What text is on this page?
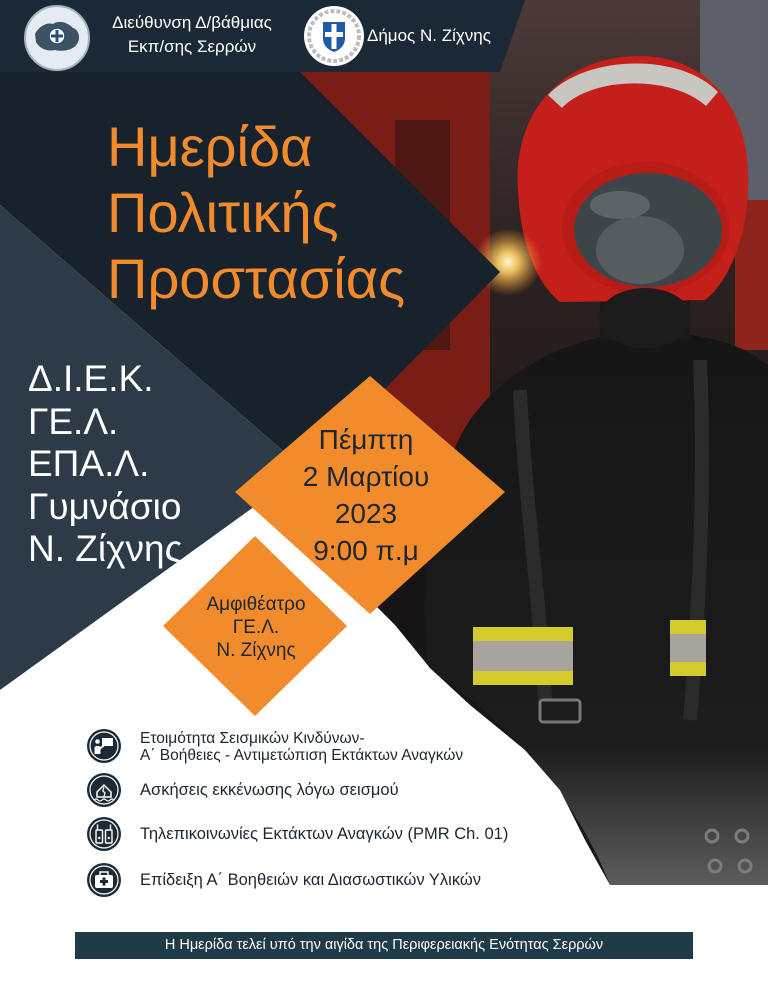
Διεύθυνση Δ/βάθμιας
Εκπ/σης Σερρών
Δήμος Ν. Ζίχνης
Ημερίδα
Πολιτικής
Προστασίας
Δ.Ι.Ε.Κ.
ΓΕ.Λ.
ΕΠΑ.Λ.
Γυμνάσιο
Ν. Ζίχνης
Πέμπτη
2 Μαρτίου
2023
9:00 π.μ
Αμφιθέατρο
ΓΕ.Λ.
Ν. Ζίχνης
Ετοιμότητα Σεισμικών Κινδύνων-
Α΄ Βοήθειες - Αντιμετώπιση Εκτάκτων Αναγκών
Ασκήσεις εκκένωσης λόγω σεισμού
Τηλεπικοινωνίες Εκτάκτων Αναγκών (PMR Ch. 01)
Επίδειξη Α΄ Βοηθειών και Διασωστικών Υλικών
Η Ημερίδα τελεί υπό την αιγίδα της Περιφερειακής Ενότητας Σερρών
